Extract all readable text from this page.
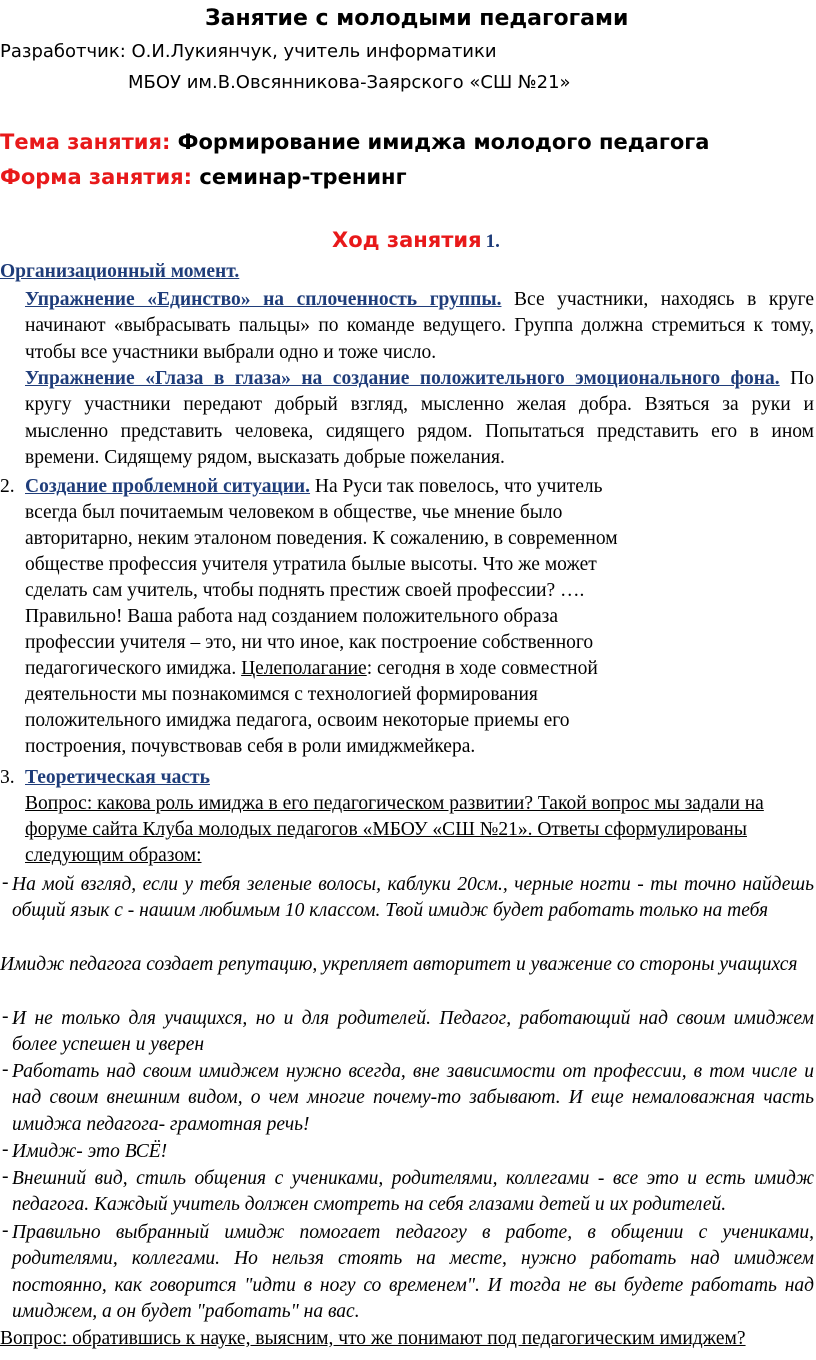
Занятие с молодыми педагогами
Разработчик: О.И.Лукиянчук, учитель информатики
МБОУ им.В.Овсянникова-Заярского «СШ №21»
Тема занятия: Формирование имиджа молодого педагога
Форма занятия: семинар-тренинг
Ход занятия 1.
Организационный момент.
Упражнение «Единство» на сплоченность группы. Все участники, находясь в круге начинают «выбрасывать пальцы» по команде ведущего. Группа должна стремиться к тому, чтобы все участники выбрали одно и тоже число.
Упражнение «Глаза в глаза» на создание положительного эмоционального фона. По кругу участники передают добрый взгляд, мысленно желая добра. Взяться за руки и мысленно представить человека, сидящего рядом. Попытаться представить его в ином времени. Сидящему рядом, высказать добрые пожелания.
2. Создание проблемной ситуации. На Руси так повелось, что учитель
всегда был почитаемым человеком в обществе, чье мнение было
авторитарно, неким эталоном поведения. К сожалению, в современном
обществе профессия учителя утратила былые высоты. Что же может
сделать сам учитель, чтобы поднять престиж своей профессии? ….
Правильно! Ваша работа над созданием положительного образа
профессии учителя – это, ни что иное, как построение собственного
педагогического имиджа. Целеполагание: сегодня в ходе совместной
деятельности мы познакомимся с технологией формирования
положительного имиджа педагога, освоим некоторые приемы его
построения, почувствовав себя в роли имиджмейкера.
3. Теоретическая часть
Вопрос: какова роль имиджа в его педагогическом развитии? Такой вопрос мы задали на
форуме сайта Клуба молодых педагогов «МБОУ «СШ №21». Ответы сформулированы
следующим образом:
- На мой взгляд, если у тебя зеленые волосы, каблуки 20см., черные ногти - ты точно найдешь общий язык с - нашим любимым 10 классом. Твой имидж будет работать только на тебя
Имидж педагога создает репутацию, укрепляет авторитет и уважение со стороны учащихся
- И не только для учащихся, но и для родителей. Педагог, работающий над своим имиджем более успешен и уверен
- Работать над своим имиджем нужно всегда, вне зависимости от профессии, в том числе и над своим внешним видом, о чем многие почему-то забывают. И еще немаловажная часть имиджа педагога- грамотная речь!
- Имидж- это ВСЁ!
- Внешний вид, стиль общения с учениками, родителями, коллегами - все это и есть имидж педагога. Каждый учитель должен смотреть на себя глазами детей и их родителей.
- Правильно выбранный имидж помогает педагогу в работе, в общении с учениками, родителями, коллегами. Но нельзя стоять на месте, нужно работать над имиджем постоянно, как говорится "идти в ногу со временем". И тогда не вы будете работать над имиджем, а он будет "работать" на вас.
Вопрос: обратившись к науке, выясним, что же понимают под педагогическим имиджем?
